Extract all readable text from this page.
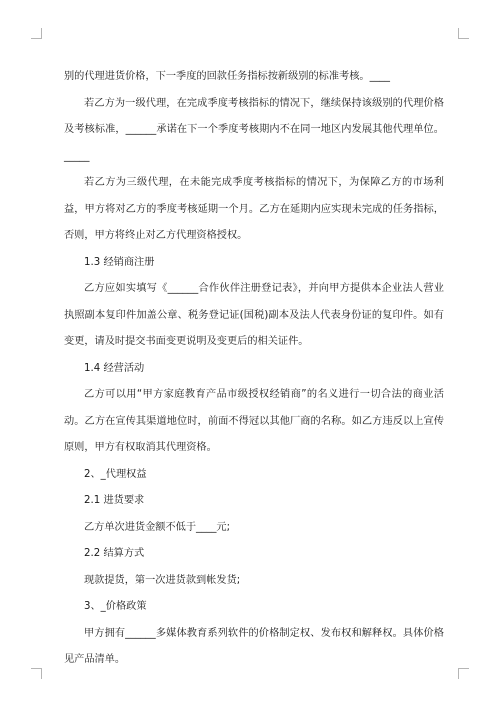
别的代理进货价格，下一季度的回款任务指标按新级别的标准考核。____

若乙方为一级代理，在完成季度考核指标的情况下，继续保持该级别的代理价格及考核标准，______承诺在下一个季度考核期内不在同一地区内发展其他代理单位。_____

若乙方为三级代理，在未能完成季度考核指标的情况下，为保障乙方的市场利益，甲方将对乙方的季度考核延期一个月。乙方在延期内应实现未完成的任务指标，否则，甲方将终止对乙方代理资格授权。

1.3 经销商注册

乙方应如实填写《______合作伙伴注册登记表》，并向甲方提供本企业法人营业执照副本复印件加盖公章、税务登记证(国税)副本及法人代表身份证的复印件。如有变更，请及时提交书面变更说明及变更后的相关证件。

1.4 经营活动

乙方可以用“甲方家庭教育产品市级授权经销商”的名义进行一切合法的商业活动。乙方在宣传其渠道地位时，前面不得冠以其他厂商的名称。如乙方违反以上宣传原则，甲方有权取消其代理资格。

2、_代理权益

2.1 进货要求

乙方单次进货金额不低于____元;

2.2 结算方式

现款提货，第一次进货款到帐发货;

3、_价格政策

甲方拥有______多媒体教育系列软件的价格制定权、发布权和解释权。具体价格见产品清单。
